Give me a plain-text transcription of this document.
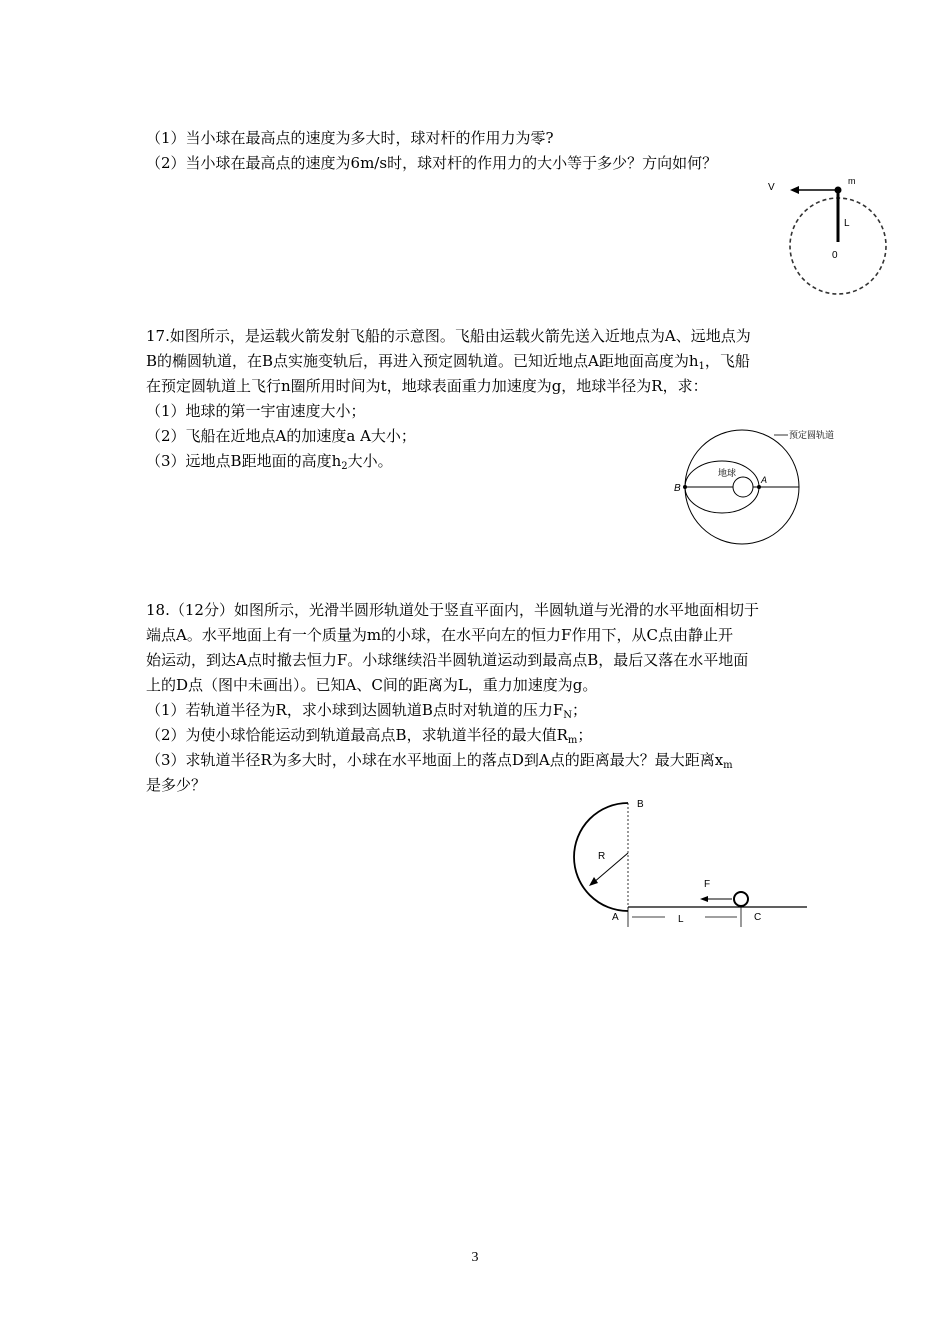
（1）当小球在最高点的速度为多大时，球对杆的作用力为零?
（2）当小球在最高点的速度为6m/s时，球对杆的作用力的大小等于多少？方向如何？
V
m
L
0
17.如图所示，是运载火箭发射飞船的示意图。飞船由运载火箭先送入近地点为A、远地点为
B的椭圆轨道，在B点实施变轨后，再进入预定圆轨道。已知近地点A距地面高度为$h_1$，飞船
在预定圆轨道上飞行n圈所用时间为t，地球表面重力加速度为g，地球半径为R，求：
（1）地球的第一宇宙速度大小；
（2）飞船在近地点A的加速度a A大小；
（3）远地点B距地面的高度$h_2$大小。
预定圆轨道
地球
A
B
18.（12分）如图所示，光滑半圆形轨道处于竖直平面内，半圆轨道与光滑的水平地面相切于
端点A。水平地面上有一个质量为m的小球，在水平向左的恒力F作用下，从C点由静止开
始运动，到达A点时撤去恒力F。小球继续沿半圆轨道运动到最高点B，最后又落在水平地面
上的D点（图中未画出）。已知A、C间的距离为L，重力加速度为g。
（1）若轨道半径为R，求小球到达圆轨道B点时对轨道的压力$F_N$；
（2）为使小球恰能运动到轨道最高点B，求轨道半径的最大值$R_m$；
（3）求轨道半径R为多大时，小球在水平地面上的落点D到A点的距离最大？最大距离$x_m$
是多少？
B
R
F
A	L	C
3
